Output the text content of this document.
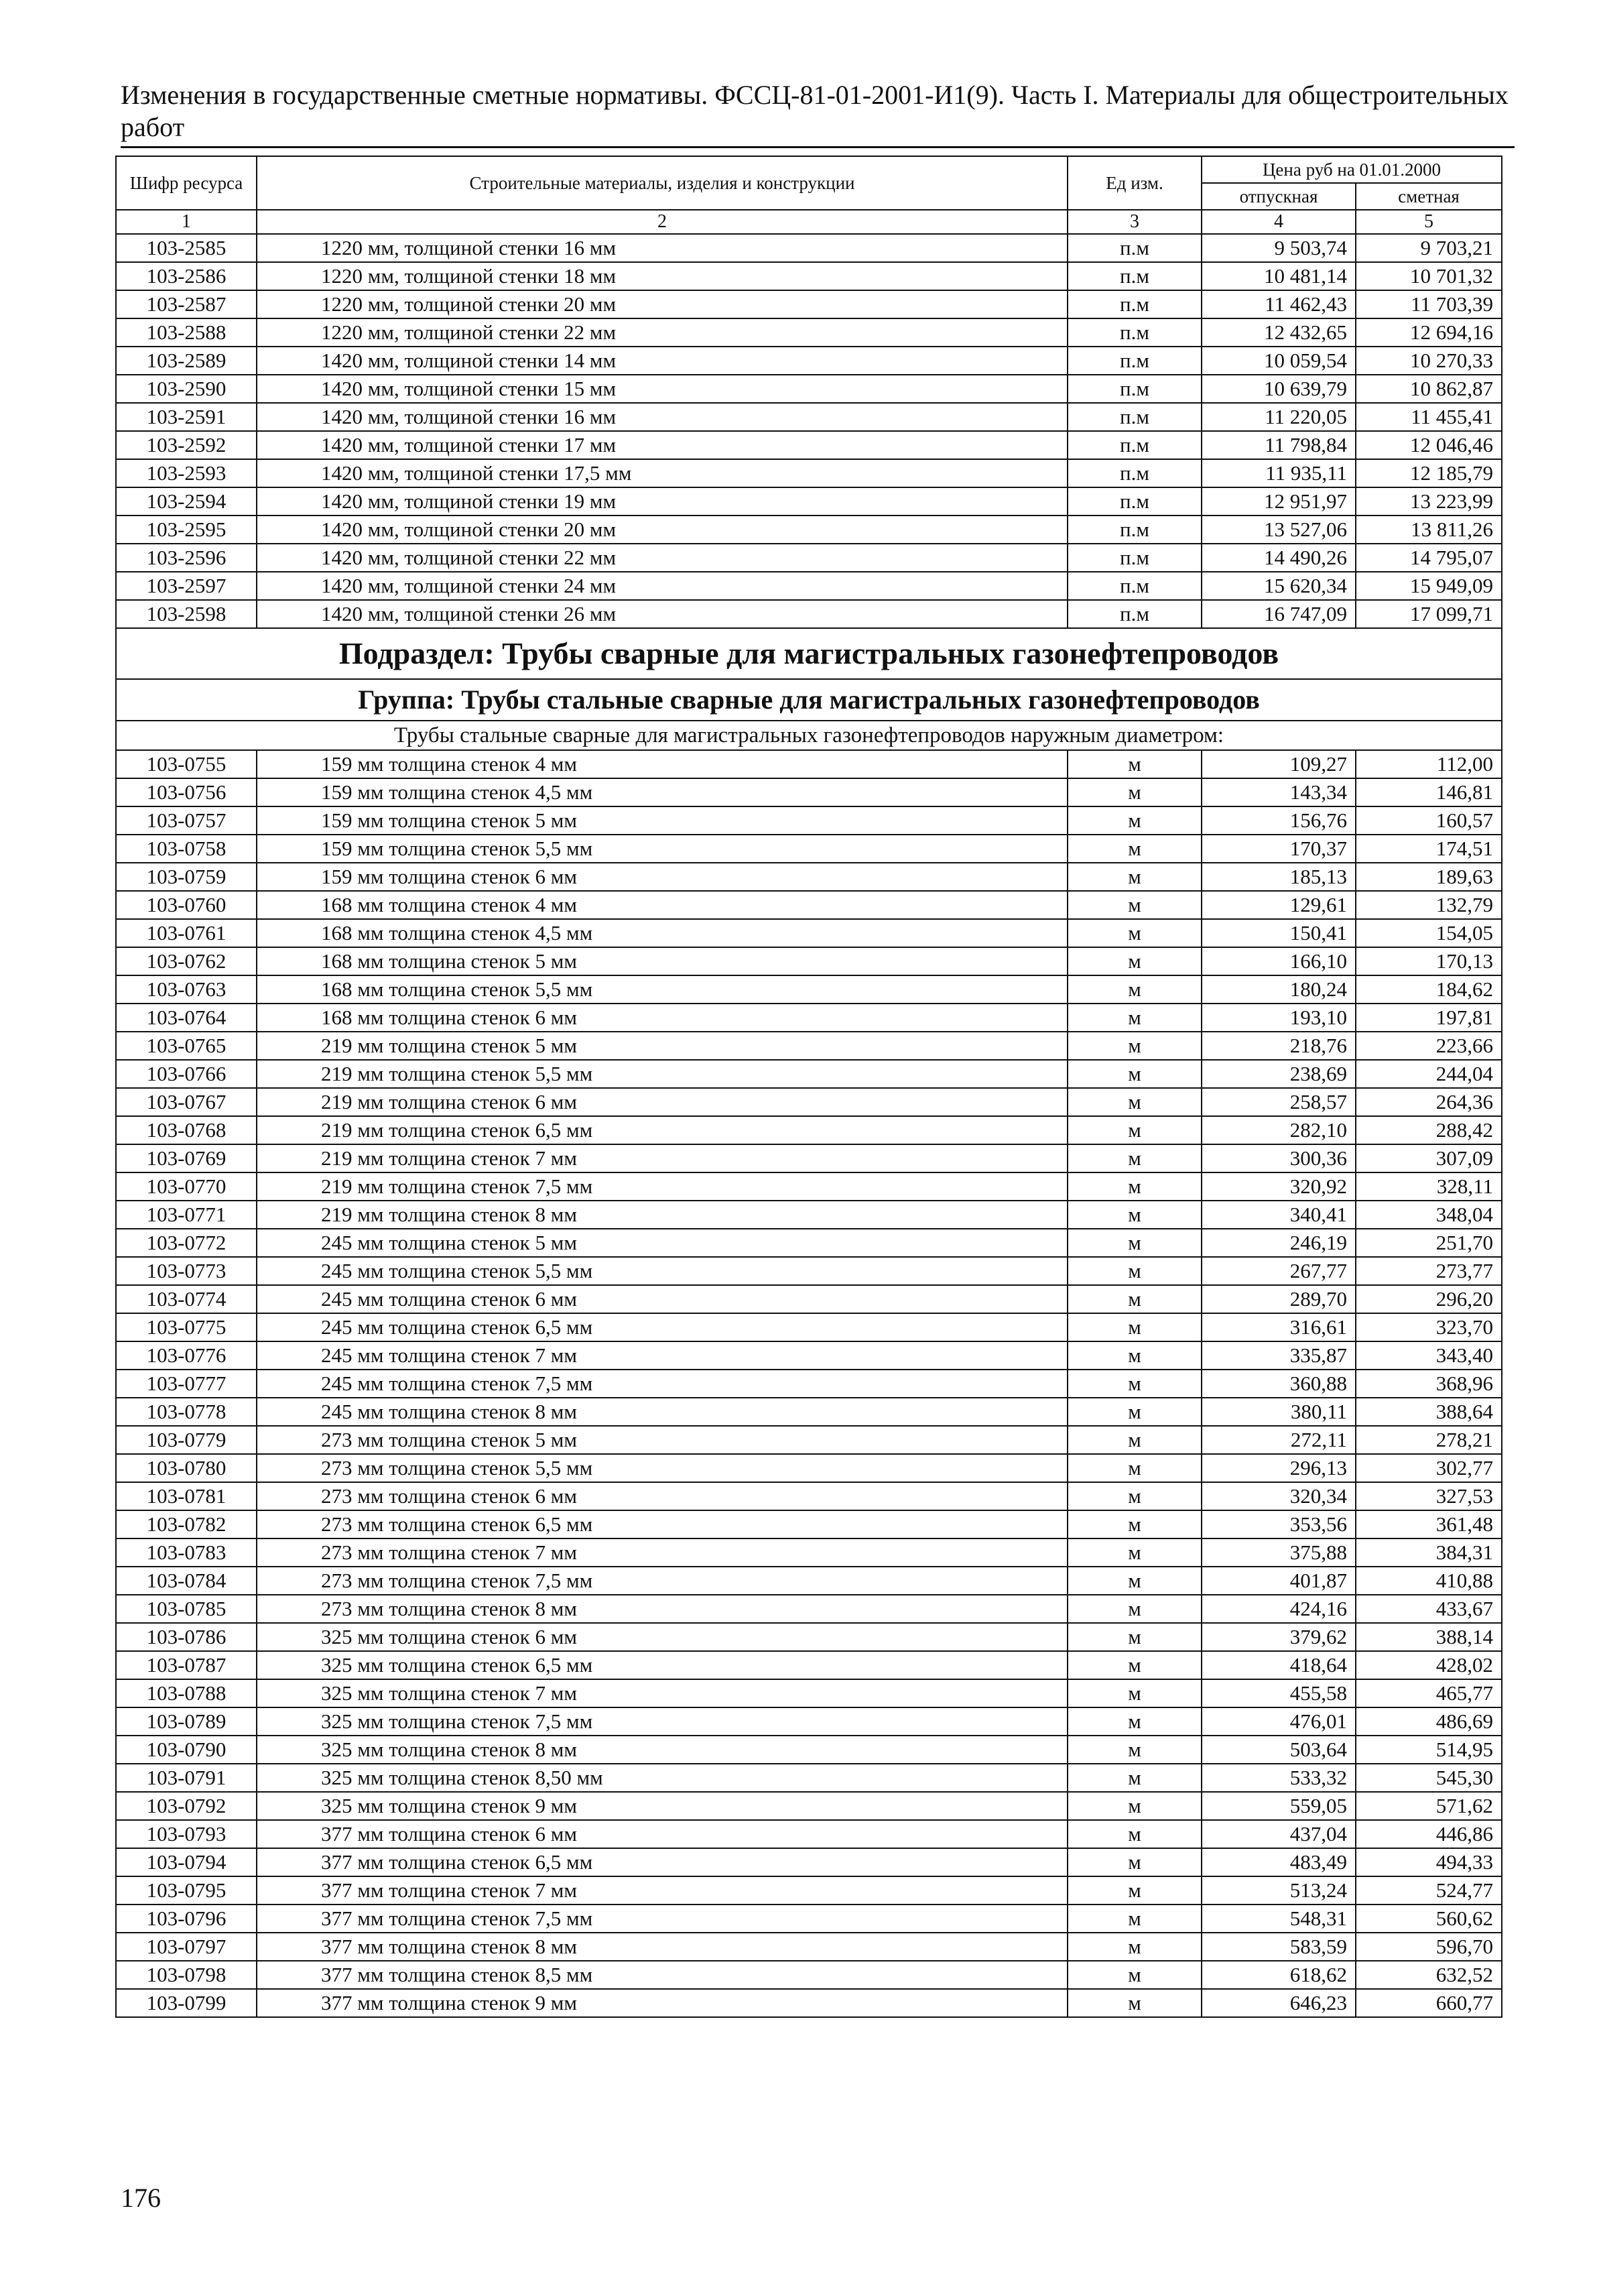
Изменения в государственные сметные нормативы. ФССЦ-81-01-2001-И1(9). Часть I. Материалы для общестроительных работ
Шифр ресурса	Строительные материалы, изделия и конструкции	Ед изм.	Цена руб на 01.01.2000	
			отпускная	сметная
1	2	3	4	5
103-2585	1220 мм, толщиной стенки 16 мм	п.м	9 503,74	9 703,21
103-2586	1220 мм, толщиной стенки 18 мм	п.м	10 481,14	10 701,32
103-2587	1220 мм, толщиной стенки 20 мм	п.м	11 462,43	11 703,39
103-2588	1220 мм, толщиной стенки 22 мм	п.м	12 432,65	12 694,16
103-2589	1420 мм, толщиной стенки 14 мм	п.м	10 059,54	10 270,33
103-2590	1420 мм, толщиной стенки 15 мм	п.м	10 639,79	10 862,87
103-2591	1420 мм, толщиной стенки 16 мм	п.м	11 220,05	11 455,41
103-2592	1420 мм, толщиной стенки 17 мм	п.м	11 798,84	12 046,46
103-2593	1420 мм, толщиной стенки 17,5 мм	п.м	11 935,11	12 185,79
103-2594	1420 мм, толщиной стенки 19 мм	п.м	12 951,97	13 223,99
103-2595	1420 мм, толщиной стенки 20 мм	п.м	13 527,06	13 811,26
103-2596	1420 мм, толщиной стенки 22 мм	п.м	14 490,26	14 795,07
103-2597	1420 мм, толщиной стенки 24 мм	п.м	15 620,34	15 949,09
103-2598	1420 мм, толщиной стенки 26 мм	п.м	16 747,09	17 099,71
Подраздел: Трубы сварные для магистральных газонефтепроводов				
Группа: Трубы стальные сварные для магистральных газонефтепроводов				
Трубы стальные сварные для магистральных газонефтепроводов наружным диаметром:				
103-0755	159 мм толщина стенок 4 мм	м	109,27	112,00
103-0756	159 мм толщина стенок 4,5 мм	м	143,34	146,81
103-0757	159 мм толщина стенок 5 мм	м	156,76	160,57
103-0758	159 мм толщина стенок 5,5 мм	м	170,37	174,51
103-0759	159 мм толщина стенок 6 мм	м	185,13	189,63
103-0760	168 мм толщина стенок 4 мм	м	129,61	132,79
103-0761	168 мм толщина стенок 4,5 мм	м	150,41	154,05
103-0762	168 мм толщина стенок 5 мм	м	166,10	170,13
103-0763	168 мм толщина стенок 5,5 мм	м	180,24	184,62
103-0764	168 мм толщина стенок 6 мм	м	193,10	197,81
103-0765	219 мм толщина стенок 5 мм	м	218,76	223,66
103-0766	219 мм толщина стенок 5,5 мм	м	238,69	244,04
103-0767	219 мм толщина стенок 6 мм	м	258,57	264,36
103-0768	219 мм толщина стенок 6,5 мм	м	282,10	288,42
103-0769	219 мм толщина стенок 7 мм	м	300,36	307,09
103-0770	219 мм толщина стенок 7,5 мм	м	320,92	328,11
103-0771	219 мм толщина стенок 8 мм	м	340,41	348,04
103-0772	245 мм толщина стенок 5 мм	м	246,19	251,70
103-0773	245 мм толщина стенок 5,5 мм	м	267,77	273,77
103-0774	245 мм толщина стенок 6 мм	м	289,70	296,20
103-0775	245 мм толщина стенок 6,5 мм	м	316,61	323,70
103-0776	245 мм толщина стенок 7 мм	м	335,87	343,40
103-0777	245 мм толщина стенок 7,5 мм	м	360,88	368,96
103-0778	245 мм толщина стенок 8 мм	м	380,11	388,64
103-0779	273 мм толщина стенок 5 мм	м	272,11	278,21
103-0780	273 мм толщина стенок 5,5 мм	м	296,13	302,77
103-0781	273 мм толщина стенок 6 мм	м	320,34	327,53
103-0782	273 мм толщина стенок 6,5 мм	м	353,56	361,48
103-0783	273 мм толщина стенок 7 мм	м	375,88	384,31
103-0784	273 мм толщина стенок 7,5 мм	м	401,87	410,88
103-0785	273 мм толщина стенок 8 мм	м	424,16	433,67
103-0786	325 мм толщина стенок 6 мм	м	379,62	388,14
103-0787	325 мм толщина стенок 6,5 мм	м	418,64	428,02
103-0788	325 мм толщина стенок 7 мм	м	455,58	465,77
103-0789	325 мм толщина стенок 7,5 мм	м	476,01	486,69
103-0790	325 мм толщина стенок 8 мм	м	503,64	514,95
103-0791	325 мм толщина стенок 8,50 мм	м	533,32	545,30
103-0792	325 мм толщина стенок 9 мм	м	559,05	571,62
103-0793	377 мм толщина стенок 6 мм	м	437,04	446,86
103-0794	377 мм толщина стенок 6,5 мм	м	483,49	494,33
103-0795	377 мм толщина стенок 7 мм	м	513,24	524,77
103-0796	377 мм толщина стенок 7,5 мм	м	548,31	560,62
103-0797	377 мм толщина стенок 8 мм	м	583,59	596,70
103-0798	377 мм толщина стенок 8,5 мм	м	618,62	632,52
103-0799	377 мм толщина стенок 9 мм	м	646,23	660,77
176
